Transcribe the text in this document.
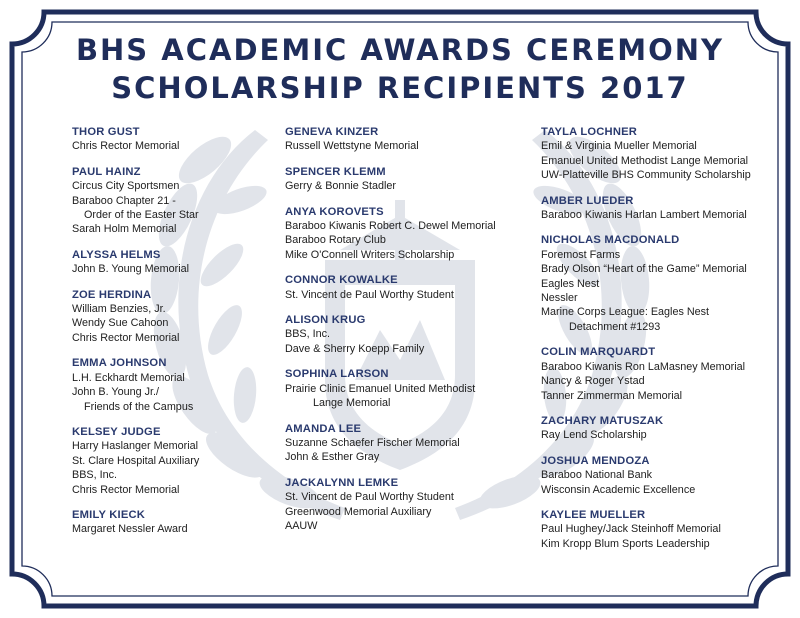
BHS ACADEMIC AWARDS CEREMONY
SCHOLARSHIP RECIPIENTS 2017
THOR GUST
Chris Rector Memorial
PAUL HAINZ
Circus City Sportsmen
Baraboo Chapter 21 -
Order of the Easter Star
Sarah Holm Memorial
ALYSSA HELMS
John B. Young Memorial
ZOE HERDINA
William Benzies, Jr.
Wendy Sue Cahoon
Chris Rector Memorial
EMMA JOHNSON
L.H. Eckhardt Memorial
John B. Young Jr./
Friends of the Campus
KELSEY JUDGE
Harry Haslanger Memorial
St. Clare Hospital Auxiliary
BBS, Inc.
Chris Rector Memorial
EMILY KIECK
Margaret Nessler Award
GENEVA KINZER
Russell Wettstyne Memorial
SPENCER KLEMM
Gerry & Bonnie Stadler
ANYA KOROVETS
Baraboo Kiwanis Robert C. Dewel Memorial
Baraboo Rotary Club
Mike O'Connell Writers Scholarship
CONNOR KOWALKE
St. Vincent de Paul Worthy Student
ALISON KRUG
BBS, Inc.
Dave & Sherry Koepp Family
SOPHINA LARSON
Prairie Clinic Emanuel United Methodist
Lange Memorial
AMANDA LEE
Suzanne Schaefer Fischer Memorial
John & Esther Gray
JACKALYNN LEMKE
St. Vincent de Paul Worthy Student
Greenwood Memorial Auxiliary
AAUW
TAYLA LOCHNER
Emil & Virginia Mueller Memorial
Emanuel United Methodist Lange Memorial
UW-Platteville BHS Community Scholarship
AMBER LUEDER
Baraboo Kiwanis Harlan Lambert Memorial
NICHOLAS MACDONALD
Foremost Farms
Brady Olson “Heart of the Game” Memorial
Eagles Nest
Nessler
Marine Corps League: Eagles Nest
Detachment #1293
COLIN MARQUARDT
Baraboo Kiwanis Ron LaMasney Memorial
Nancy & Roger Ystad
Tanner Zimmerman Memorial
ZACHARY MATUSZAK
Ray Lend Scholarship
JOSHUA MENDOZA
Baraboo National Bank
Wisconsin Academic Excellence
KAYLEE MUELLER
Paul Hughey/Jack Steinhoff Memorial
Kim Kropp Blum Sports Leadership
